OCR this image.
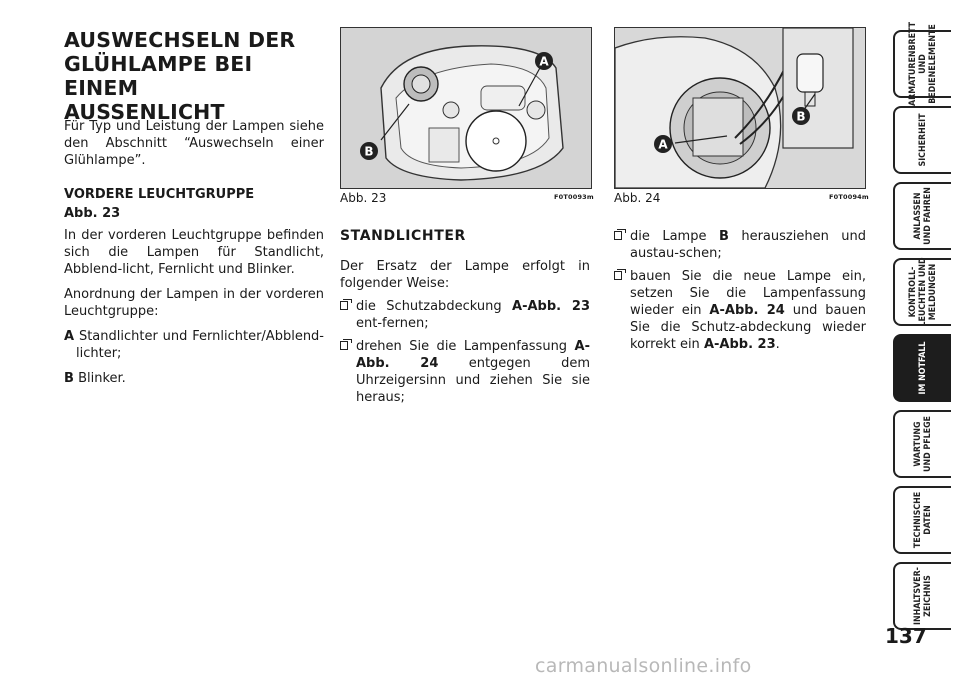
AUSWECHSELN DER
GLÜHLAMPE BEI EINEM
AUSSENLICHT

Für Typ und Leistung der Lampen siehe den Abschnitt “Auswechseln einer Glühlampe”.

VORDERE LEUCHTGRUPPE

Abb. 23

In der vorderen Leuchtgruppe befinden sich die Lampen für Standlicht, Abblend-licht, Fernlicht und Blinker.

Anordnung der Lampen in der vorderen Leuchtgruppe:

A Standlichter und Fernlichter/Abblend-lichter;

B Blinker.

A
B
Abb. 23	F0T0093m
A
B
Abb. 24	F0T0094m

STANDLICHTER

Der Ersatz der Lampe erfolgt in folgender Weise:

die Schutzabdeckung A-Abb. 23 ent-fernen;

drehen Sie die Lampenfassung A-Abb. 24 entgegen dem Uhrzeigersinn und ziehen Sie sie heraus;

die Lampe B herausziehen und austau-schen;

bauen Sie die neue Lampe ein, setzen Sie die Lampenfassung wieder ein A-Abb. 24 und bauen Sie die Schutz-abdeckung wieder korrekt ein A-Abb. 23.

ARMATURENBRETT
UND
BEDIENELEMENTE
SICHERHEIT
ANLASSEN
UND FAHREN
KONTROLL-
LEUCHTEN UND
MELDUNGEN
IM NOTFALL
WARTUNG
UND PFLEGE
TECHNISCHE
DATEN
INHALTSVER-
ZEICHNIS
137
carmanualsonline.info
